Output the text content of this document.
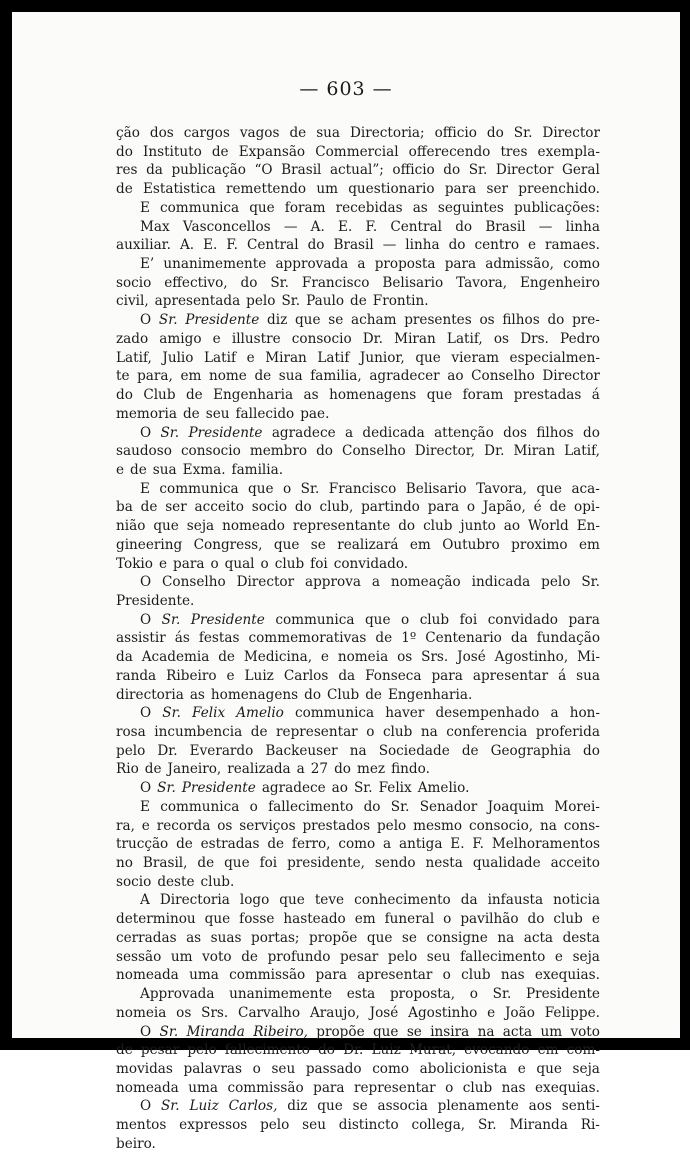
— 603 —
ção dos cargos vagos de sua Directoria; officio do Sr. Director
do Instituto de Expansão Commercial offerecendo tres exempla-
res da publicação “O Brasil actual”; officio do Sr. Director Geral
de Estatistica remettendo um questionario para ser preenchido.
E communica que foram recebidas as seguintes publicações:
Max Vasconcellos — A. E. F. Central do Brasil — linha
auxiliar. A. E. F. Central do Brasil — linha do centro e ramaes.
E’ unanimemente approvada a proposta para admissão, como
socio effectivo, do Sr. Francisco Belisario Tavora, Engenheiro
civil, apresentada pelo Sr. Paulo de Frontin.
O Sr. Presidente diz que se acham presentes os filhos do pre-
zado amigo e illustre consocio Dr. Miran Latif, os Drs. Pedro
Latif, Julio Latif e Miran Latif Junior, que vieram especialmen-
te para, em nome de sua familia, agradecer ao Conselho Director
do Club de Engenharia as homenagens que foram prestadas á
memoria de seu fallecido pae.
O Sr. Presidente agradece a dedicada attenção dos filhos do
saudoso consocio membro do Conselho Director, Dr. Miran Latif,
e de sua Exma. familia.
E communica que o Sr. Francisco Belisario Tavora, que aca-
ba de ser acceito socio do club, partindo para o Japão, é de opi-
nião que seja nomeado representante do club junto ao World En-
gineering Congress, que se realizará em Outubro proximo em
Tokio e para o qual o club foi convidado.
O Conselho Director approva a nomeação indicada pelo Sr.
Presidente.
O Sr. Presidente communica que o club foi convidado para
assistir ás festas commemorativas de 1º Centenario da fundação
da Academia de Medicina, e nomeia os Srs. José Agostinho, Mi-
randa Ribeiro e Luiz Carlos da Fonseca para apresentar á sua
directoria as homenagens do Club de Engenharia.
O Sr. Felix Amelio communica haver desempenhado a hon-
rosa incumbencia de representar o club na conferencia proferida
pelo Dr. Everardo Backeuser na Sociedade de Geographia do
Rio de Janeiro, realizada a 27 do mez findo.
O Sr. Presidente agradece ao Sr. Felix Amelio.
E communica o fallecimento do Sr. Senador Joaquim Morei-
ra, e recorda os serviços prestados pelo mesmo consocio, na cons-
trucção de estradas de ferro, como a antiga E. F. Melhoramentos
no Brasil, de que foi presidente, sendo nesta qualidade acceito
socio deste club.
A Directoria logo que teve conhecimento da infausta noticia
determinou que fosse hasteado em funeral o pavilhão do club e
cerradas as suas portas; propõe que se consigne na acta desta
sessão um voto de profundo pesar pelo seu fallecimento e seja
nomeada uma commissão para apresentar o club nas exequias.
Approvada unanimemente esta proposta, o Sr. Presidente
nomeia os Srs. Carvalho Araujo, José Agostinho e João Felippe.
O Sr. Miranda Ribeiro, propõe que se insira na acta um voto
de pesar pelo fallecimento do Dr. Luiz Murat, evocando em com-
movidas palavras o seu passado como abolicionista e que seja
nomeada uma commissão para representar o club nas exequias.
O Sr. Luiz Carlos, diz que se associa plenamente aos senti-
mentos expressos pelo seu distincto collega, Sr. Miranda Ri-
beiro.
